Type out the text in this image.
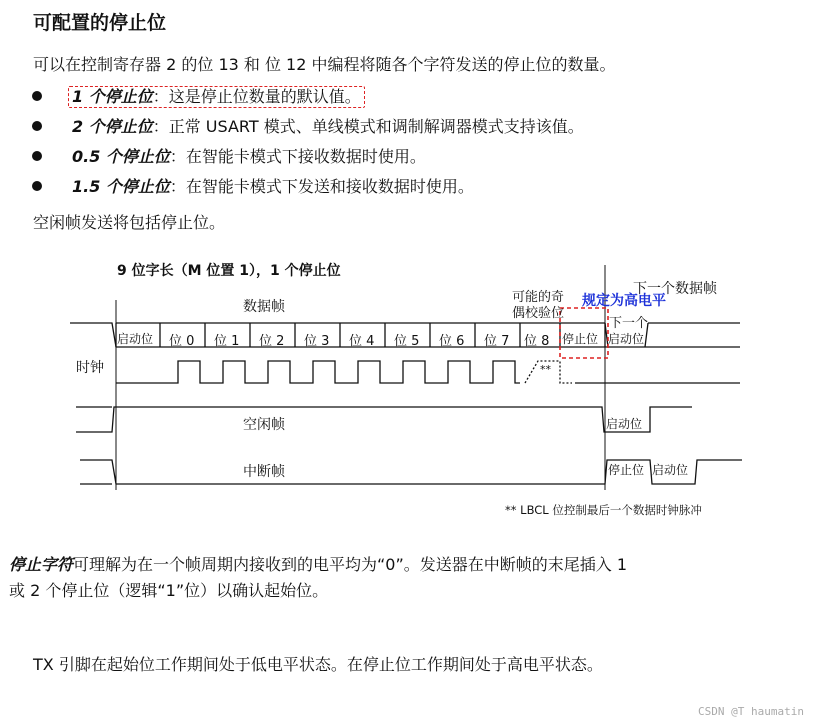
可配置的停止位
可以在控制寄存器 2 的位 13 和 位 12 中编程将随各个字符发送的停止位的数量。
1 个停止位：这是停止位数量的默认值。
2 个停止位：正常 USART 模式、单线模式和调制解调器模式支持该值。
0.5 个停止位：在智能卡模式下接收数据时使用。
1.5 个停止位：在智能卡模式下发送和接收数据时使用。
空闲帧发送将包括停止位。
9 位字长（M 位置 1），1 个停止位
数据帧
可能的奇
偶校验位
下一个数据帧
下一个
规定为高电平
启动位 位 0 位 1 位 2 位 3 位 4 位 5 位 6 位 7 位 8 停止位 启动位
时钟	**
空闲帧	启动位
中断帧	停止位 启动位
** LBCL 位控制最后一个数据时钟脉冲
停止字符可理解为在一个帧周期内接收到的电平均为“0”。发送器在中断帧的末尾插入 1
或 2 个停止位（逻辑“1”位）以确认起始位。
TX 引脚在起始位工作期间处于低电平状态。在停止位工作期间处于高电平状态。
CSDN @T haumatin
